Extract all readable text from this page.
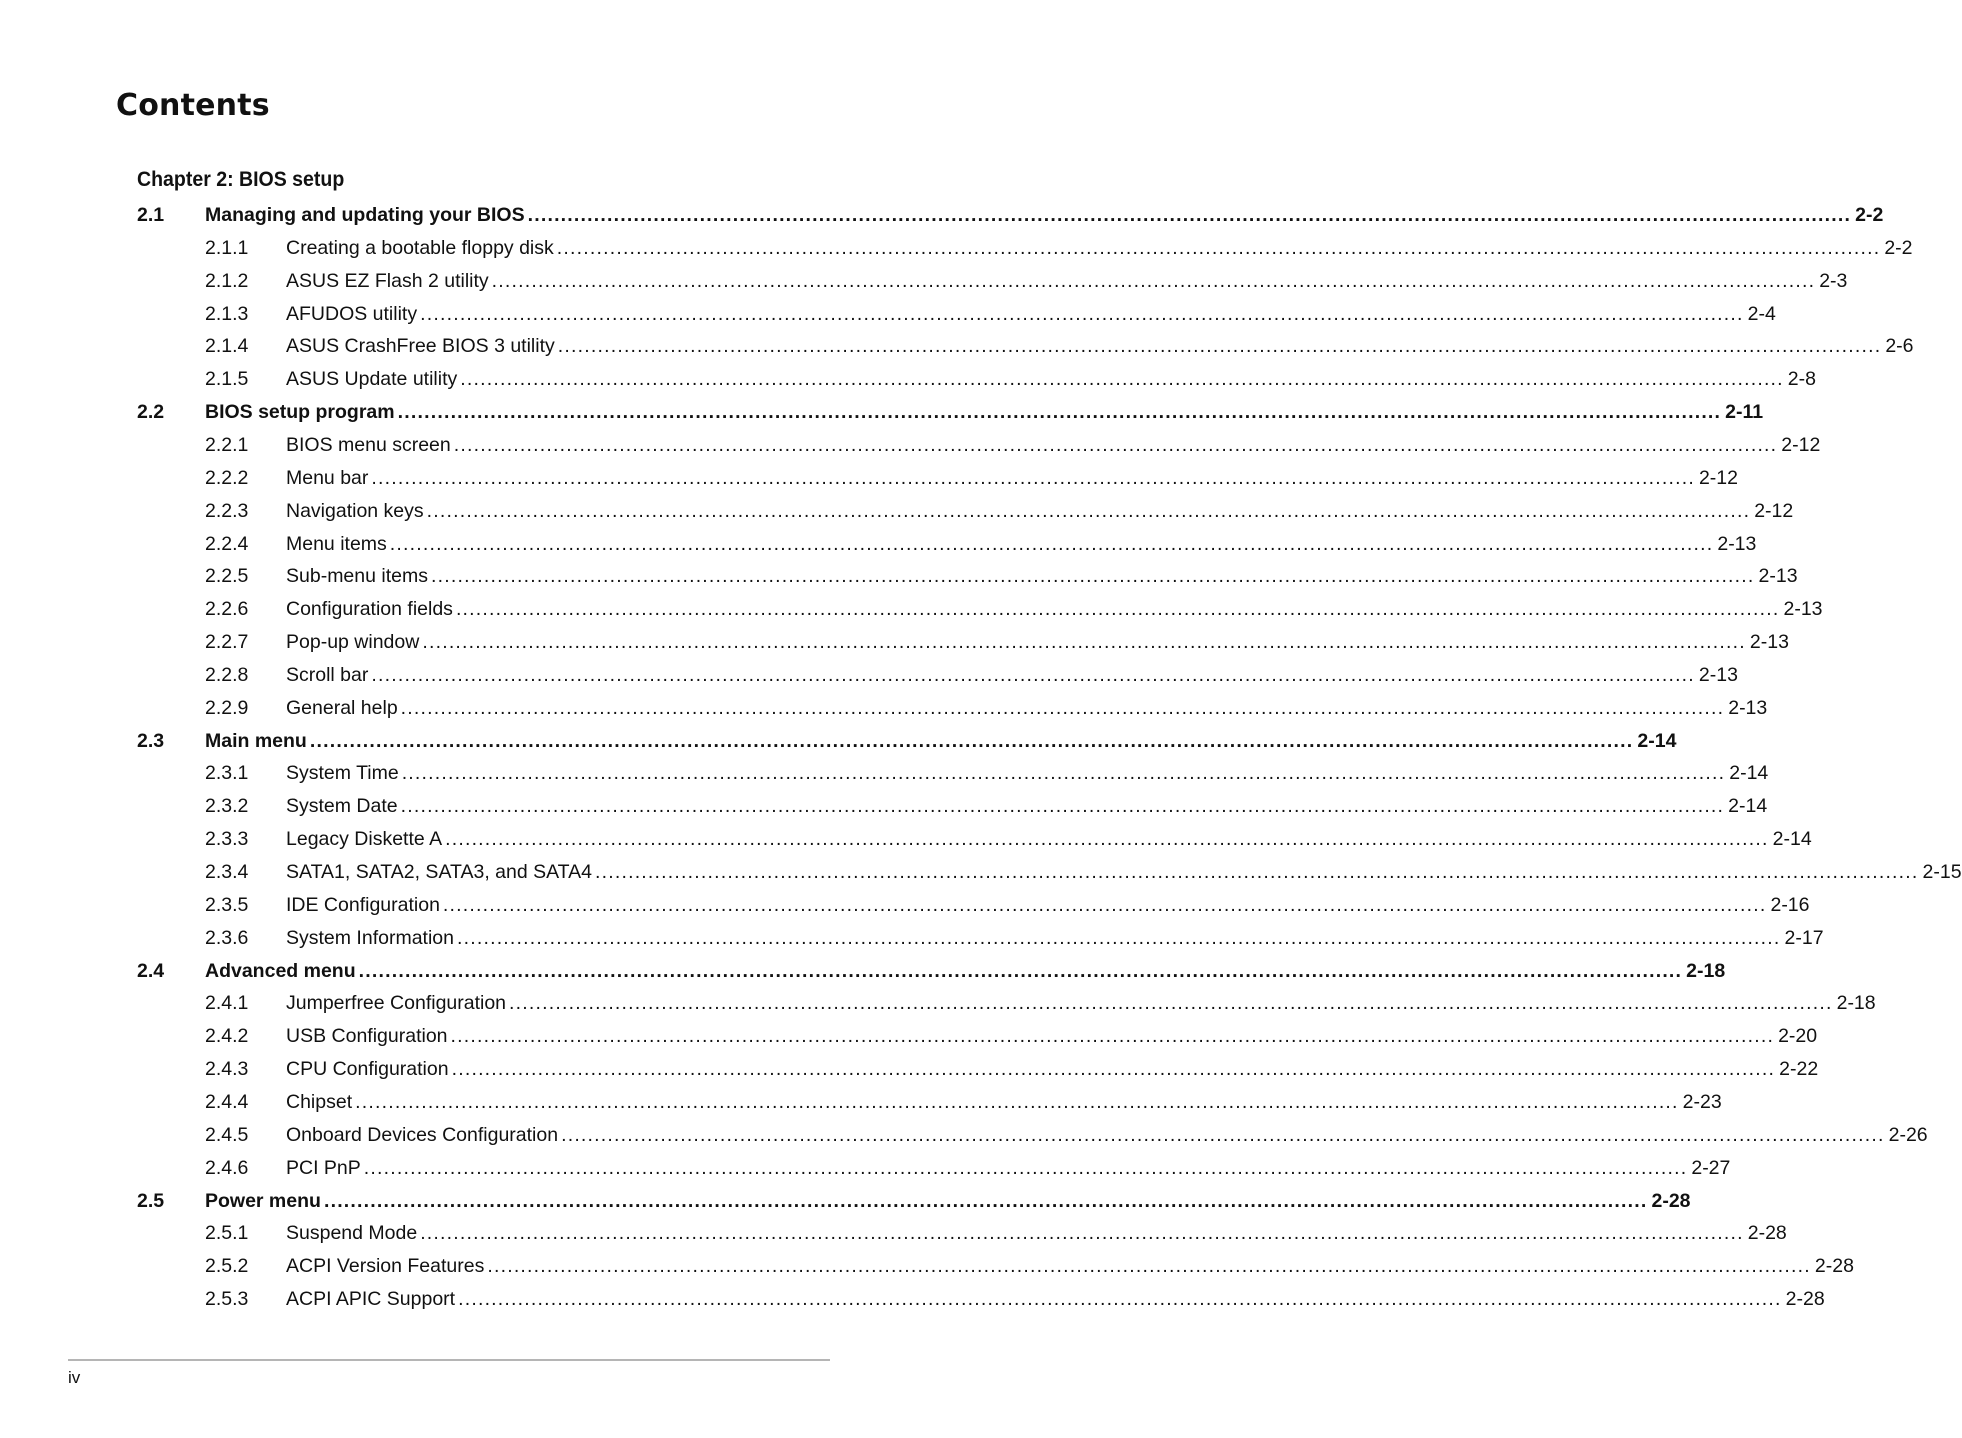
Contents
Chapter 2: BIOS setup
2.1 Managing and updating your BIOS ........................................................................................................................................................................................................ 2-2
2.1.1 Creating a bootable floppy disk ........................................................................................................................................................................................................ 2-2
2.1.2 ASUS EZ Flash 2 utility ........................................................................................................................................................................................................ 2-3
2.1.3 AFUDOS utility ........................................................................................................................................................................................................ 2-4
2.1.4 ASUS CrashFree BIOS 3 utility ........................................................................................................................................................................................................ 2-6
2.1.5 ASUS Update utility ........................................................................................................................................................................................................ 2-8
2.2 BIOS setup program ........................................................................................................................................................................................................ 2-11
2.2.1 BIOS menu screen ........................................................................................................................................................................................................ 2-12
2.2.2 Menu bar ........................................................................................................................................................................................................ 2-12
2.2.3 Navigation keys ........................................................................................................................................................................................................ 2-12
2.2.4 Menu items ........................................................................................................................................................................................................ 2-13
2.2.5 Sub-menu items ........................................................................................................................................................................................................ 2-13
2.2.6 Configuration fields ........................................................................................................................................................................................................ 2-13
2.2.7 Pop-up window ........................................................................................................................................................................................................ 2-13
2.2.8 Scroll bar ........................................................................................................................................................................................................ 2-13
2.2.9 General help ........................................................................................................................................................................................................ 2-13
2.3 Main menu ........................................................................................................................................................................................................ 2-14
2.3.1 System Time ........................................................................................................................................................................................................ 2-14
2.3.2 System Date ........................................................................................................................................................................................................ 2-14
2.3.3 Legacy Diskette A ........................................................................................................................................................................................................ 2-14
2.3.4 SATA1, SATA2, SATA3, and SATA4 ........................................................................................................................................................................................................ 2-15
2.3.5 IDE Configuration ........................................................................................................................................................................................................ 2-16
2.3.6 System Information ........................................................................................................................................................................................................ 2-17
2.4 Advanced menu ........................................................................................................................................................................................................ 2-18
2.4.1 Jumperfree Configuration ........................................................................................................................................................................................................ 2-18
2.4.2 USB Configuration ........................................................................................................................................................................................................ 2-20
2.4.3 CPU Configuration ........................................................................................................................................................................................................ 2-22
2.4.4 Chipset ........................................................................................................................................................................................................ 2-23
2.4.5 Onboard Devices Configuration ........................................................................................................................................................................................................ 2-26
2.4.6 PCI PnP ........................................................................................................................................................................................................ 2-27
2.5 Power menu ........................................................................................................................................................................................................ 2-28
2.5.1 Suspend Mode ........................................................................................................................................................................................................ 2-28
2.5.2 ACPI Version Features ........................................................................................................................................................................................................ 2-28
2.5.3 ACPI APIC Support ........................................................................................................................................................................................................ 2-28
iv
